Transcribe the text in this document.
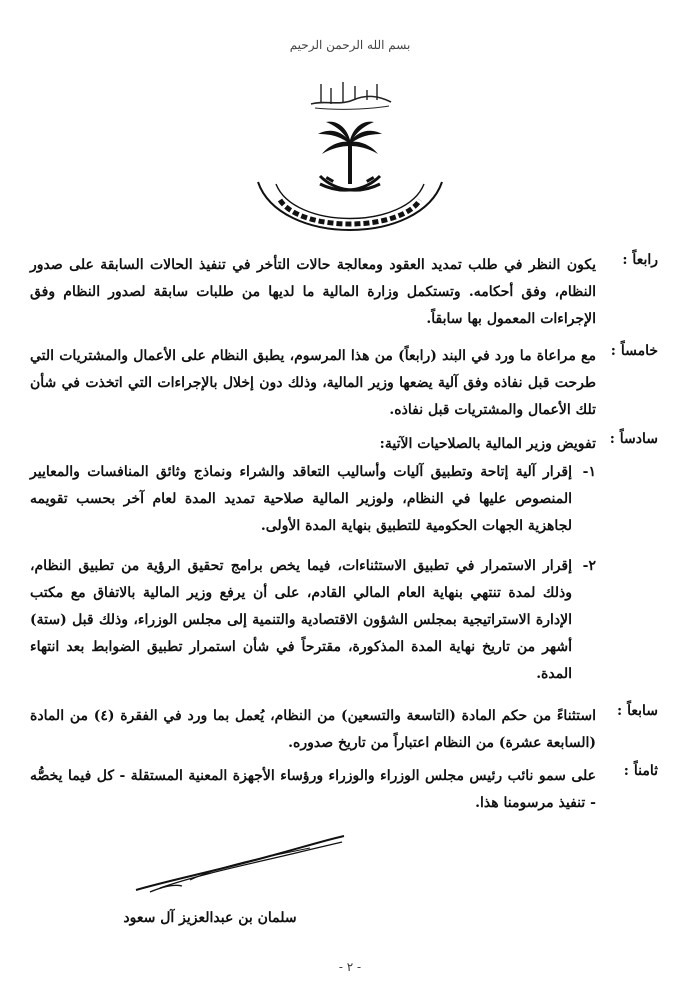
بسم الله الرحمن الرحيم
رابعاً :
يكون النظر في طلب تمديد العقود ومعالجة حالات التأخر في تنفيذ الحالات السابقة على صدور النظام، وفق أحكامه. وتستكمل وزارة المالية ما لديها من طلبات سابقة لصدور النظام وفق الإجراءات المعمول بها سابقاً.
خامساً :
مع مراعاة ما ورد في البند (رابعاً) من هذا المرسوم، يطبق النظام على الأعمال والمشتريات التي طرحت قبل نفاذه وفق آلية يضعها وزير المالية، وذلك دون إخلال بالإجراءات التي اتخذت في شأن تلك الأعمال والمشتريات قبل نفاذه.
سادساً :
تفويض وزير المالية بالصلاحيات الآتية:
١-
إقرار آلية إتاحة وتطبيق آليات وأساليب التعاقد والشراء ونماذج وثائق المنافسات والمعايير المنصوص عليها في النظام، ولوزير المالية صلاحية تمديد المدة لعام آخر بحسب تقويمه لجاهزية الجهات الحكومية للتطبيق بنهاية المدة الأولى.
٢-
إقرار الاستمرار في تطبيق الاستثناءات، فيما يخص برامج تحقيق الرؤية من تطبيق النظام، وذلك لمدة تنتهي بنهاية العام المالي القادم، على أن يرفع وزير المالية بالاتفاق مع مكتب الإدارة الاستراتيجية بمجلس الشؤون الاقتصادية والتنمية إلى مجلس الوزراء، وذلك قبل (ستة) أشهر من تاريخ نهاية المدة المذكورة، مقترحاً في شأن استمرار تطبيق الضوابط بعد انتهاء المدة.
سابعاً :
استثناءً من حكم المادة (التاسعة والتسعين) من النظام، يُعمل بما ورد في الفقرة (٤) من المادة (السابعة عشرة) من النظام اعتباراً من تاريخ صدوره.
ثامناً :
على سمو نائب رئيس مجلس الوزراء والوزراء ورؤساء الأجهزة المعنية المستقلة - كل فيما يخصُّه - تنفيذ مرسومنا هذا.
سلمان بن عبدالعزيز آل سعود
- ٢ -
